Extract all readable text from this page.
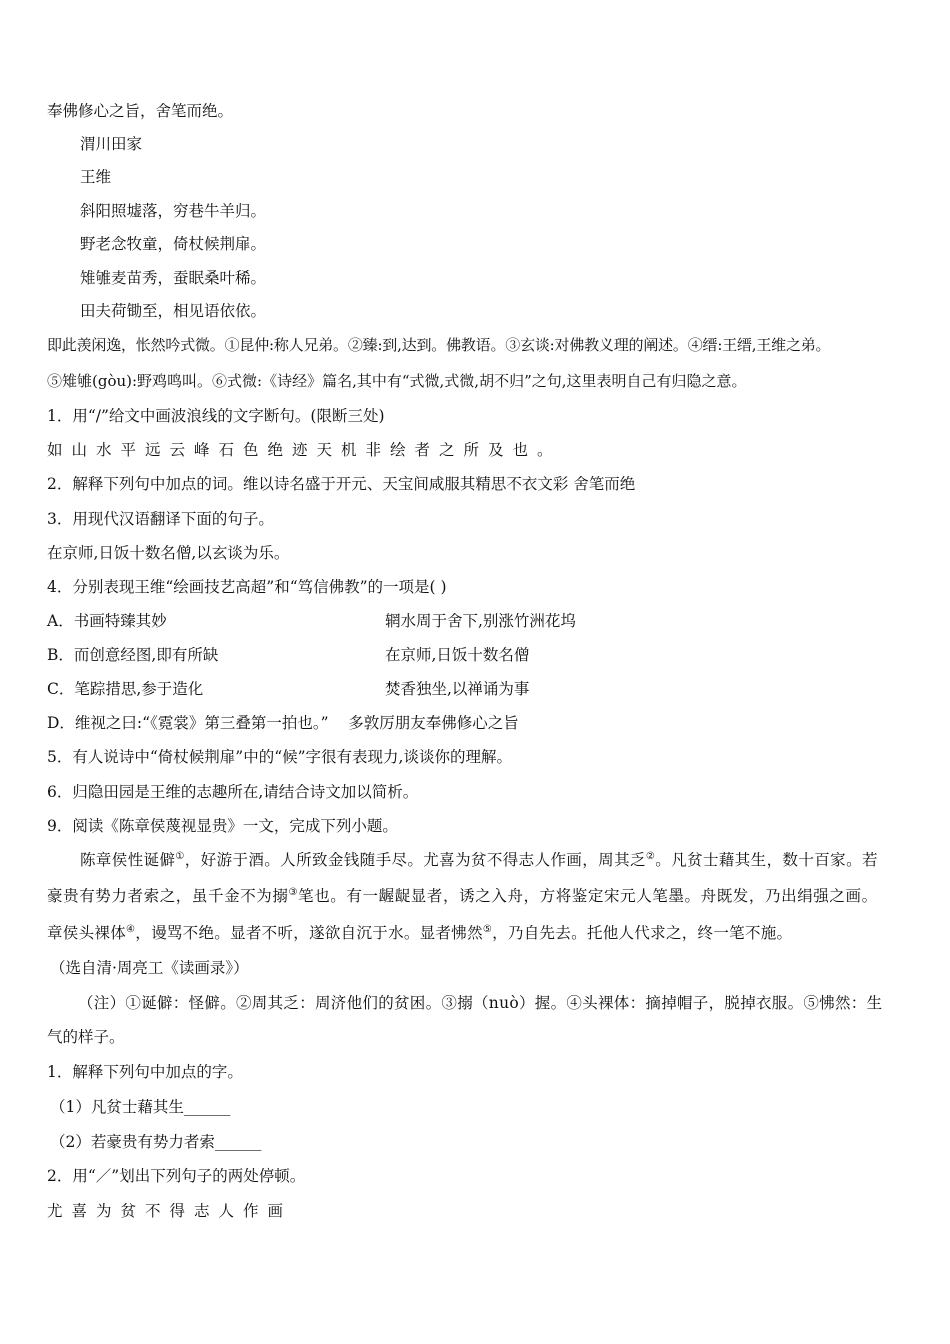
奉佛修心之旨，舍笔而绝。
渭川田家
王维
斜阳照墟落，穷巷牛羊归。
野老念牧童，倚杖候荆扉。
雉雊麦苗秀，蚕眠桑叶稀。
田夫荷锄至，相见语依依。
即此羡闲逸，怅然吟式微。①昆仲:称人兄弟。②臻:到,达到。佛教语。③玄谈:对佛教义理的阐述。④缙:王缙,王维之弟。
⑤雉雊(gòu):野鸡鸣叫。⑥式微:《诗经》篇名,其中有“式微,式微,胡不归”之句,这里表明自己有归隐之意。
1．用“/”给文中画波浪线的文字断句。(限断三处)
如山水平远云峰石色绝迹天机非绘者之所及也。
2．解释下列句中加点的词。维以诗名盛于开元、天宝间咸服其精思不衣文彩 舍笔而绝
3．用现代汉语翻译下面的句子。
在京师,日饭十数名僧,以玄谈为乐。
4．分别表现王维“绘画技艺高超”和“笃信佛教”的一项是( )
A．书画特臻其妙	辋水周于舍下,别涨竹洲花坞
B．而创意经图,即有所缺	在京师,日饭十数名僧
C．笔踪措思,参于造化	焚香独坐,以禅诵为事
D．维视之曰:“《霓裳》第三叠第一拍也。”    多敦厉朋友奉佛修心之旨
5．有人说诗中“倚杖候荆扉”中的“候”字很有表现力,谈谈你的理解。
6．归隐田园是王维的志趣所在,请结合诗文加以简析。
9．阅读《陈章侯蔑视显贵》一文，完成下列小题。
陈章侯性诞僻①，好游于酒。人所致金钱随手尽。尤喜为贫不得志人作画，周其乏②。凡贫士藉其生，数十百家。若
豪贵有势力者索之，虽千金不为搦③笔也。有一龌龊显者，诱之入舟，方将鉴定宋元人笔墨。舟既发，乃出绢强之画。
章侯头裸体④，谩骂不绝。显者不听，遂欲自沉于水。显者怫然⑤，乃自先去。托他人代求之，终一笔不施。
（选自清·周亮工《读画录》）
（注）①诞僻：怪僻。②周其乏：周济他们的贫困。③搦（nuò）握。④头裸体：摘掉帽子，脱掉衣服。⑤怫然：生
气的样子。
1．解释下列句中加点的字。
（1）凡贫士藉其生______
（2）若豪贵有势力者索______
2．用“／”划出下列句子的两处停顿。
尤喜为贫不得志人作画
